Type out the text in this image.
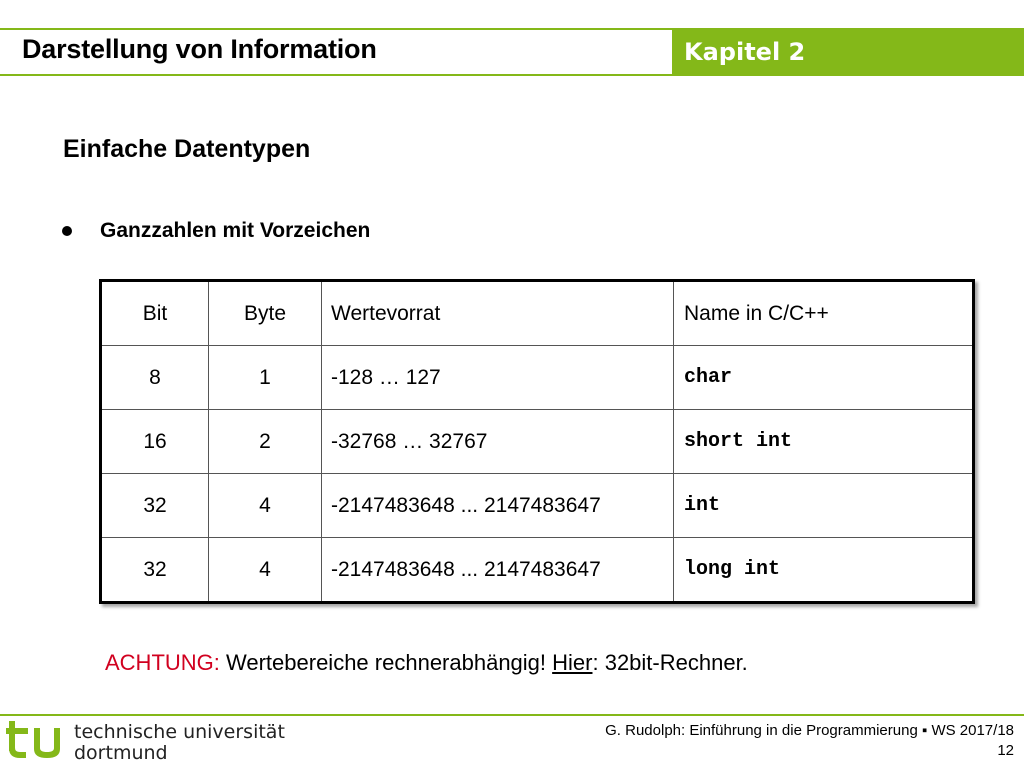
Darstellung von Information	Kapitel 2
Einfache Datentypen
Ganzzahlen mit Vorzeichen
Bit	Byte	Wertevorrat	Name in C/C++
8	1	-128 … 127	char
16	2	-32768 … 32767	short int
32	4	-2147483648 ... 2147483647	int
32	4	-2147483648 ... 2147483647	long int
ACHTUNG: Wertebereiche rechnerabhängig! Hier: 32bit-Rechner.
technische universität
dortmund
G. Rudolph: Einführung in die Programmierung ▪ WS 2017/18
12
